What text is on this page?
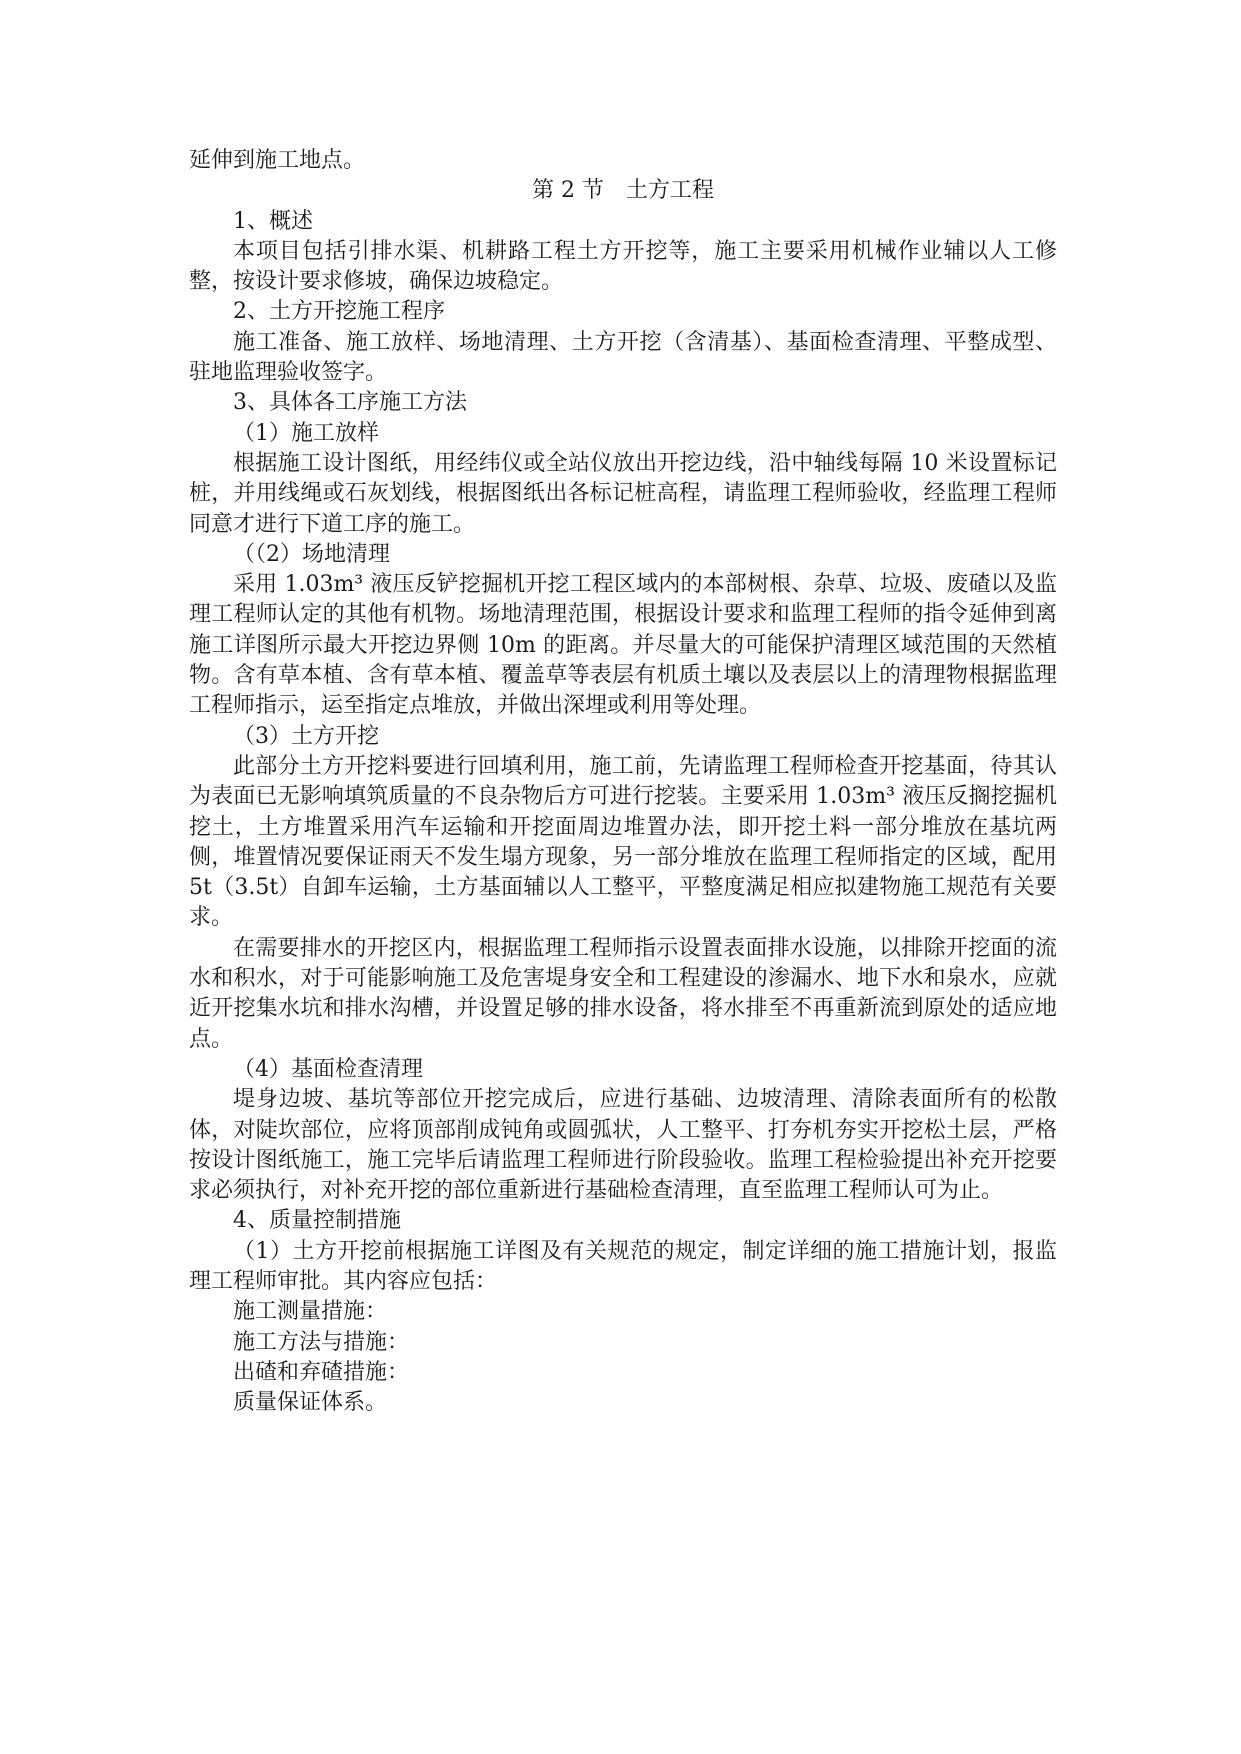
延伸到施工地点。

第 2 节　土方工程

1、概述

本项目包括引排水渠、机耕路工程土方开挖等，施工主要采用机械作业辅以人工修整，按设计要求修坡，确保边坡稳定。

2、土方开挖施工程序

施工准备、施工放样、场地清理、土方开挖（含清基）、基面检查清理、平整成型、驻地监理验收签字。

3、具体各工序施工方法

（1）施工放样

根据施工设计图纸，用经纬仪或全站仪放出开挖边线，沿中轴线每隔 10 米设置标记桩，并用线绳或石灰划线，根据图纸出各标记桩高程，请监理工程师验收，经监理工程师同意才进行下道工序的施工。

（（2）场地清理

采用 1.03m³ 液压反铲挖掘机开挖工程区域内的本部树根、杂草、垃圾、废碴以及监理工程师认定的其他有机物。场地清理范围，根据设计要求和监理工程师的指令延伸到离施工详图所示最大开挖边界侧 10m 的距离。并尽量大的可能保护清理区域范围的天然植物。含有草本植、含有草本植、覆盖草等表层有机质土壤以及表层以上的清理物根据监理工程师指示，运至指定点堆放，并做出深埋或利用等处理。

（3）土方开挖

此部分土方开挖料要进行回填利用，施工前，先请监理工程师检查开挖基面，待其认为表面已无影响填筑质量的不良杂物后方可进行挖装。主要采用 1.03m³ 液压反搁挖掘机挖土，土方堆置采用汽车运输和开挖面周边堆置办法，即开挖土料一部分堆放在基坑两侧，堆置情况要保证雨天不发生塌方现象，另一部分堆放在监理工程师指定的区域，配用 5t（3.5t）自卸车运输，土方基面辅以人工整平，平整度满足相应拟建物施工规范有关要求。

在需要排水的开挖区内，根据监理工程师指示设置表面排水设施，以排除开挖面的流水和积水，对于可能影响施工及危害堤身安全和工程建设的渗漏水、地下水和泉水，应就近开挖集水坑和排水沟槽，并设置足够的排水设备，将水排至不再重新流到原处的适应地点。

（4）基面检查清理

堤身边坡、基坑等部位开挖完成后，应进行基础、边坡清理、清除表面所有的松散体，对陡坎部位，应将顶部削成钝角或圆弧状，人工整平、打夯机夯实开挖松土层，严格按设计图纸施工，施工完毕后请监理工程师进行阶段验收。监理工程检验提出补充开挖要求必须执行，对补充开挖的部位重新进行基础检查清理，直至监理工程师认可为止。

4、质量控制措施

（1）土方开挖前根据施工详图及有关规范的规定，制定详细的施工措施计划，报监理工程师审批。其内容应包括：

施工测量措施：

施工方法与措施：

出碴和弃碴措施：

质量保证体系。
